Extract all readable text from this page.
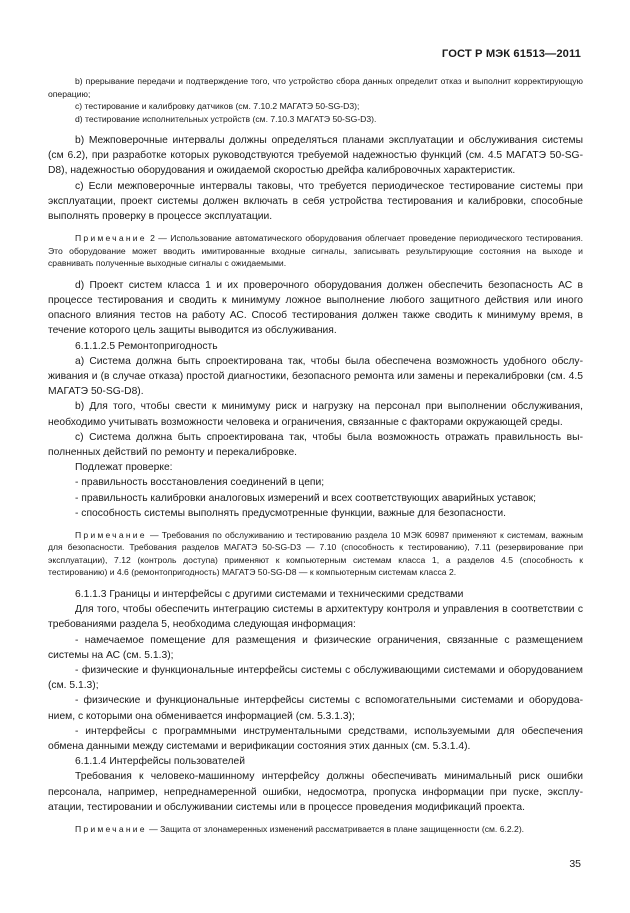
ГОСТ Р МЭК 61513—2011

b) прерывание передачи и подтверждение того, что устройство сбора данных определит отказ и выполнит корректирующую операцию;

c) тестирование и калибровку датчиков (см. 7.10.2 МАГАТЭ 50-SG-D3);

d) тестирование исполнительных устройств (см. 7.10.3 МАГАТЭ 50-SG-D3).

b) Межповерочные интервалы должны определяться планами эксплуатации и обслуживания системы (см 6.2), при разработке которых руководствуются требуемой надежностью функций (см. 4.5 МАГАТЭ 50-SG-D8), надежностью оборудования и ожидаемой скоростью дрейфа калибровочных характеристик.

c) Если межповерочные интервалы таковы, что требуется периодическое тестирование системы при эксплуатации, проект системы должен включать в себя устройства тестирования и калибровки, способные выполнять проверку в процессе эксплуатации.

Примечание 2 — Использование автоматического оборудования облегчает проведение периодического тестирования. Это оборудование может вводить имитированные входные сигналы, записывать результирующие состояния на выходе и сравнивать полученные выходные сигналы с ожидаемыми.

d) Проект систем класса 1 и их проверочного оборудования должен обеспечить безопасность АС в процессе тестирования и сводить к минимуму ложное выполнение любого защитного действия или иного опасного влияния тестов на работу АС. Способ тестирования должен также сводить к минимуму время, в течение которого цель защиты выводится из обслуживания.

6.1.1.2.5 Ремонтопригодность

a) Система должна быть спроектирована так, чтобы была обеспечена возможность удобного обслуживания и (в случае отказа) простой диагностики, безопасного ремонта или замены и перекалибровки (см. 4.5 МАГАТЭ 50-SG-D8).

b) Для того, чтобы свести к минимуму риск и нагрузку на персонал при выполнении обслуживания, необходимо учитывать возможности человека и ограничения, связанные с факторами окружающей среды.

c) Система должна быть спроектирована так, чтобы была возможность отражать правильность выполненных действий по ремонту и перекалибровке.

Подлежат проверке:

- правильность восстановления соединений в цепи;

- правильность калибровки аналоговых измерений и всех соответствующих аварийных уставок;

- способность системы выполнять предусмотренные функции, важные для безопасности.

Примечание — Требования по обслуживанию и тестированию раздела 10 МЭК 60987 применяют к системам, важным для безопасности. Требования разделов МАГАТЭ 50-SG-D3 — 7.10 (способность к тестированию), 7.11 (резервирование при эксплуатации), 7.12 (контроль доступа) применяют к компьютерным системам класса 1, а разделов 4.5 (способность к тестированию) и 4.6 (ремонтопригодность) МАГАТЭ 50-SG-D8 — к компьютерным системам класса 2.

6.1.1.3 Границы и интерфейсы с другими системами и техническими средствами

Для того, чтобы обеспечить интеграцию системы в архитектуру контроля и управления в соответствии с требованиями раздела 5, необходима следующая информация:

- намечаемое помещение для размещения и физические ограничения, связанные с размещением системы на АС (см. 5.1.3);

- физические и функциональные интерфейсы системы с обслуживающими системами и оборудованием (см. 5.1.3);

- физические и функциональные интерфейсы системы с вспомогательными системами и оборудованием, с которыми она обменивается информацией (см. 5.3.1.3);

- интерфейсы с программными инструментальными средствами, используемыми для обеспечения обмена данными между системами и верификации состояния этих данных (см. 5.3.1.4).

6.1.1.4 Интерфейсы пользователей

Требования к человеко-машинному интерфейсу должны обеспечивать минимальный риск ошибки персонала, например, непреднамеренной ошибки, недосмотра, пропуска информации при пуске, эксплуатации, тестировании и обслуживании системы или в процессе проведения модификаций проекта.

Примечание — Защита от злонамеренных изменений рассматривается в плане защищенности (см. 6.2.2).

35
